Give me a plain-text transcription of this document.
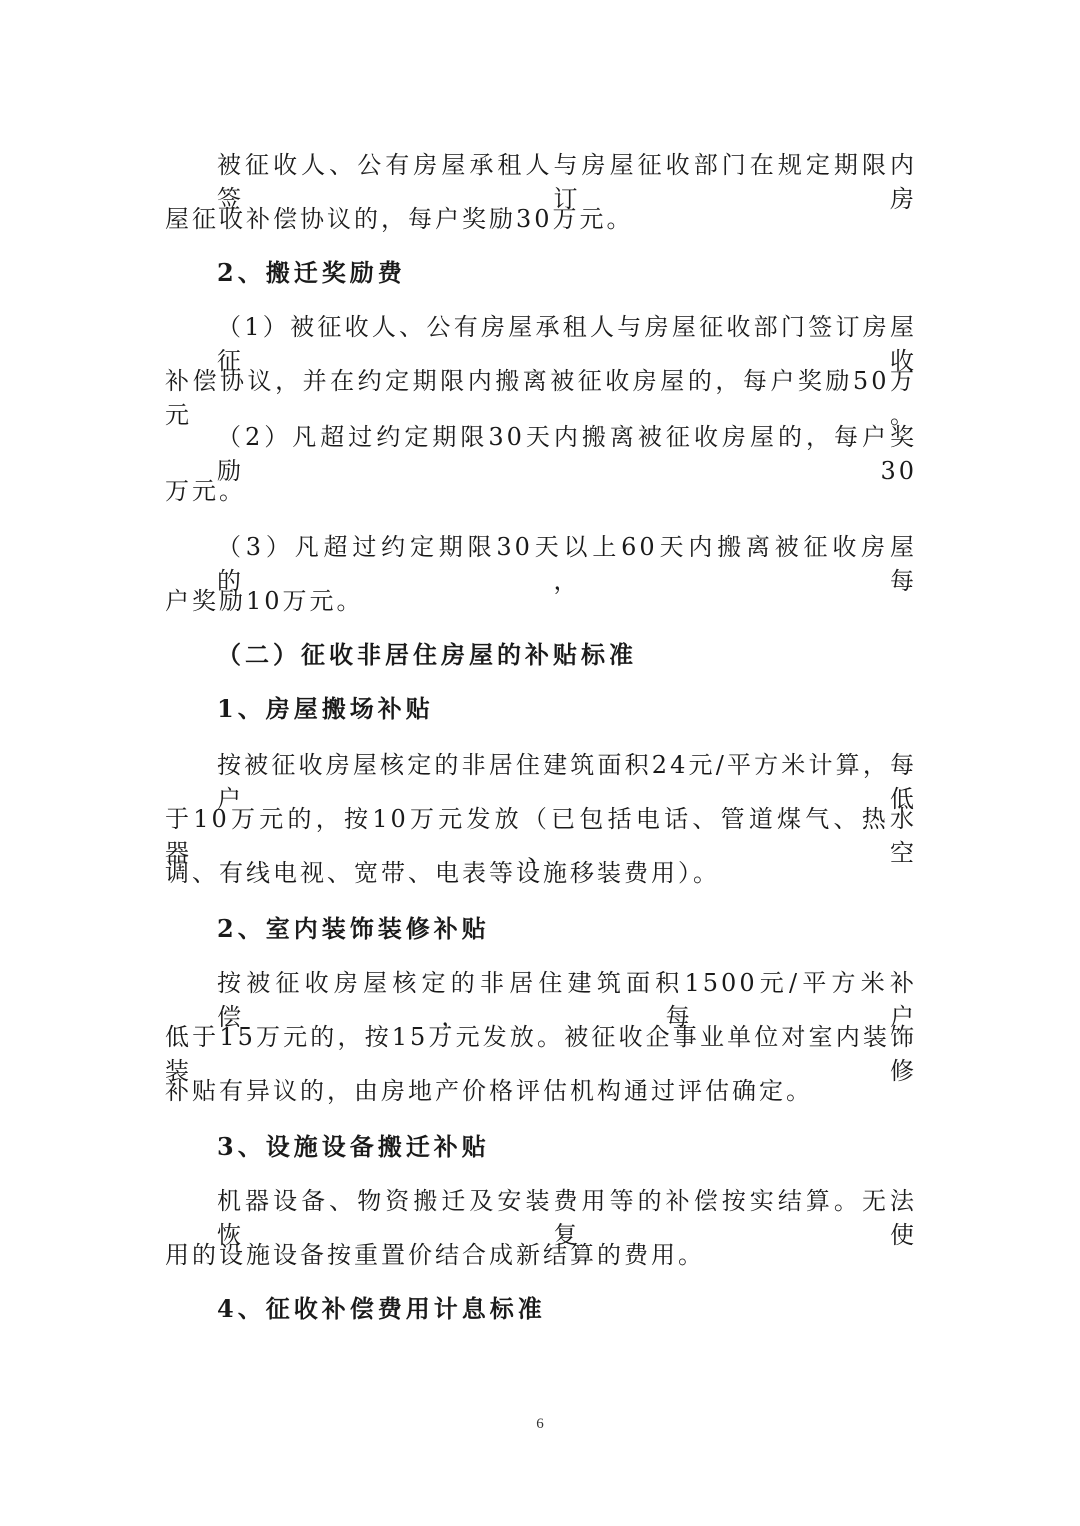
被征收人、公有房屋承租人与房屋征收部门在规定期限内签订房
屋征收补偿协议的，每户奖励30万元。
2、搬迁奖励费
（1）被征收人、公有房屋承租人与房屋征收部门签订房屋征收
补偿协议，并在约定期限内搬离被征收房屋的，每户奖励50万元。
（2）凡超过约定期限30天内搬离被征收房屋的，每户奖励30
万元。
（3）凡超过约定期限30天以上60天内搬离被征收房屋的，每
户奖励10万元。
（二）征收非居住房屋的补贴标准
1、房屋搬场补贴
按被征收房屋核定的非居住建筑面积24元/平方米计算，每户低
于10万元的，按10万元发放（已包括电话、管道煤气、热水器、空
调、有线电视、宽带、电表等设施移装费用）。
2、室内装饰装修补贴
按被征收房屋核定的非居住建筑面积1500元/平方米补偿，每户
低于15万元的，按15万元发放。被征收企事业单位对室内装饰装修
补贴有异议的，由房地产价格评估机构通过评估确定。
3、设施设备搬迁补贴
机器设备、物资搬迁及安装费用等的补偿按实结算。无法恢复使
用的设施设备按重置价结合成新结算的费用。
4、征收补偿费用计息标准
6
